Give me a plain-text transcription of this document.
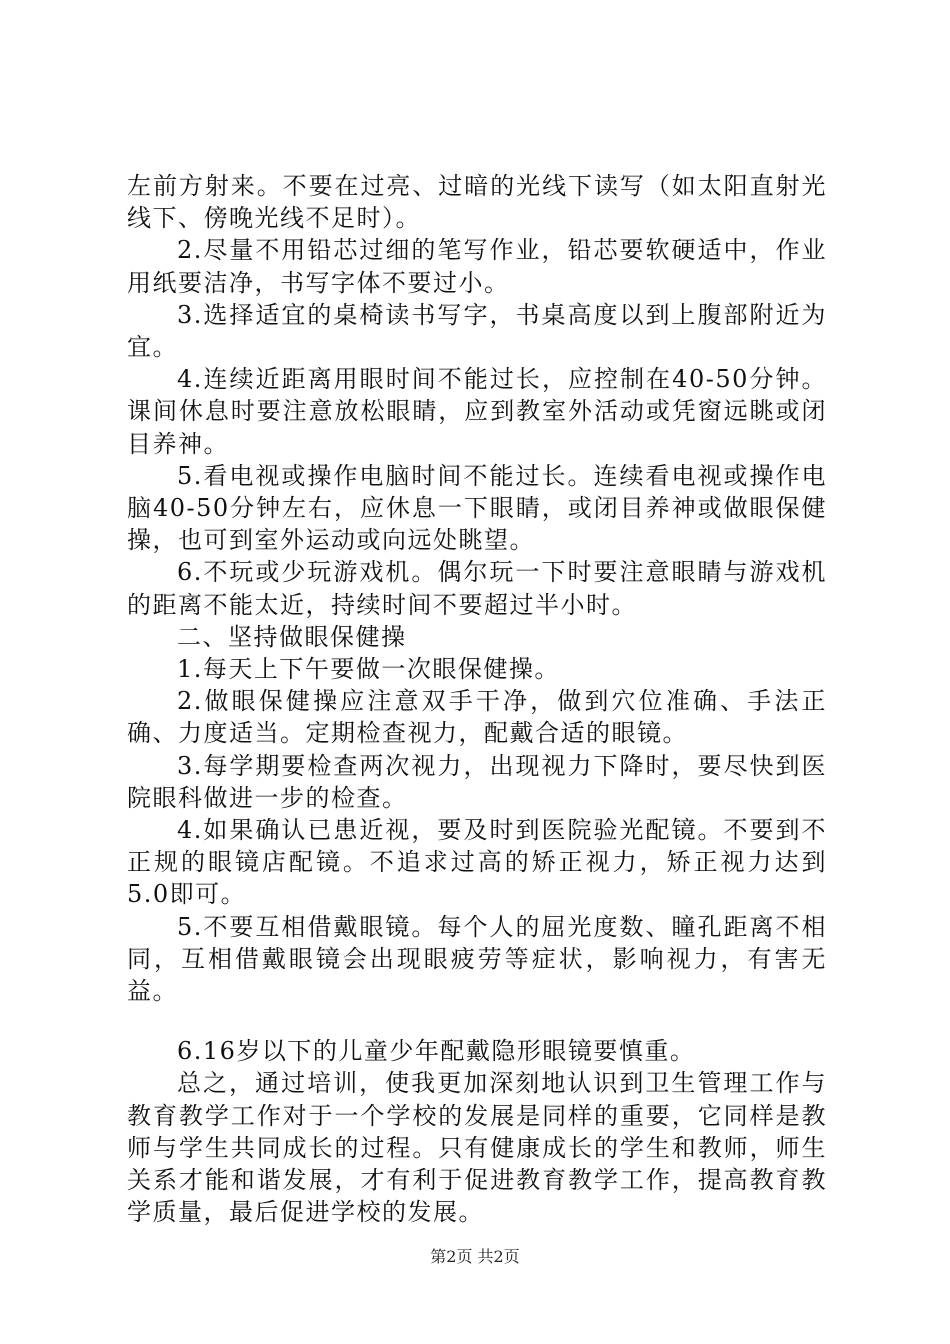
左前方射来。不要在过亮、过暗的光线下读写（如太阳直射光线下、傍晚光线不足时）。

2.尽量不用铅芯过细的笔写作业，铅芯要软硬适中，作业用纸要洁净，书写字体不要过小。

3.选择适宜的桌椅读书写字，书桌高度以到上腹部附近为宜。

4.连续近距离用眼时间不能过长，应控制在40-50分钟。课间休息时要注意放松眼睛，应到教室外活动或凭窗远眺或闭目养神。

5.看电视或操作电脑时间不能过长。连续看电视或操作电脑40-50分钟左右，应休息一下眼睛，或闭目养神或做眼保健操，也可到室外运动或向远处眺望。

6.不玩或少玩游戏机。偶尔玩一下时要注意眼睛与游戏机的距离不能太近，持续时间不要超过半小时。

二、坚持做眼保健操

1.每天上下午要做一次眼保健操。

2.做眼保健操应注意双手干净，做到穴位准确、手法正确、力度适当。定期检查视力，配戴合适的眼镜。

3.每学期要检查两次视力，出现视力下降时，要尽快到医院眼科做进一步的检查。

4.如果确认已患近视，要及时到医院验光配镜。不要到不正规的眼镜店配镜。不追求过高的矫正视力，矫正视力达到5.0即可。

5.不要互相借戴眼镜。每个人的屈光度数、瞳孔距离不相同，互相借戴眼镜会出现眼疲劳等症状，影响视力，有害无益。

6.16岁以下的儿童少年配戴隐形眼镜要慎重。

总之，通过培训，使我更加深刻地认识到卫生管理工作与教育教学工作对于一个学校的发展是同样的重要，它同样是教师与学生共同成长的过程。只有健康成长的学生和教师，师生关系才能和谐发展，才有利于促进教育教学工作，提高教育教学质量，最后促进学校的发展。

第2页 共2页
